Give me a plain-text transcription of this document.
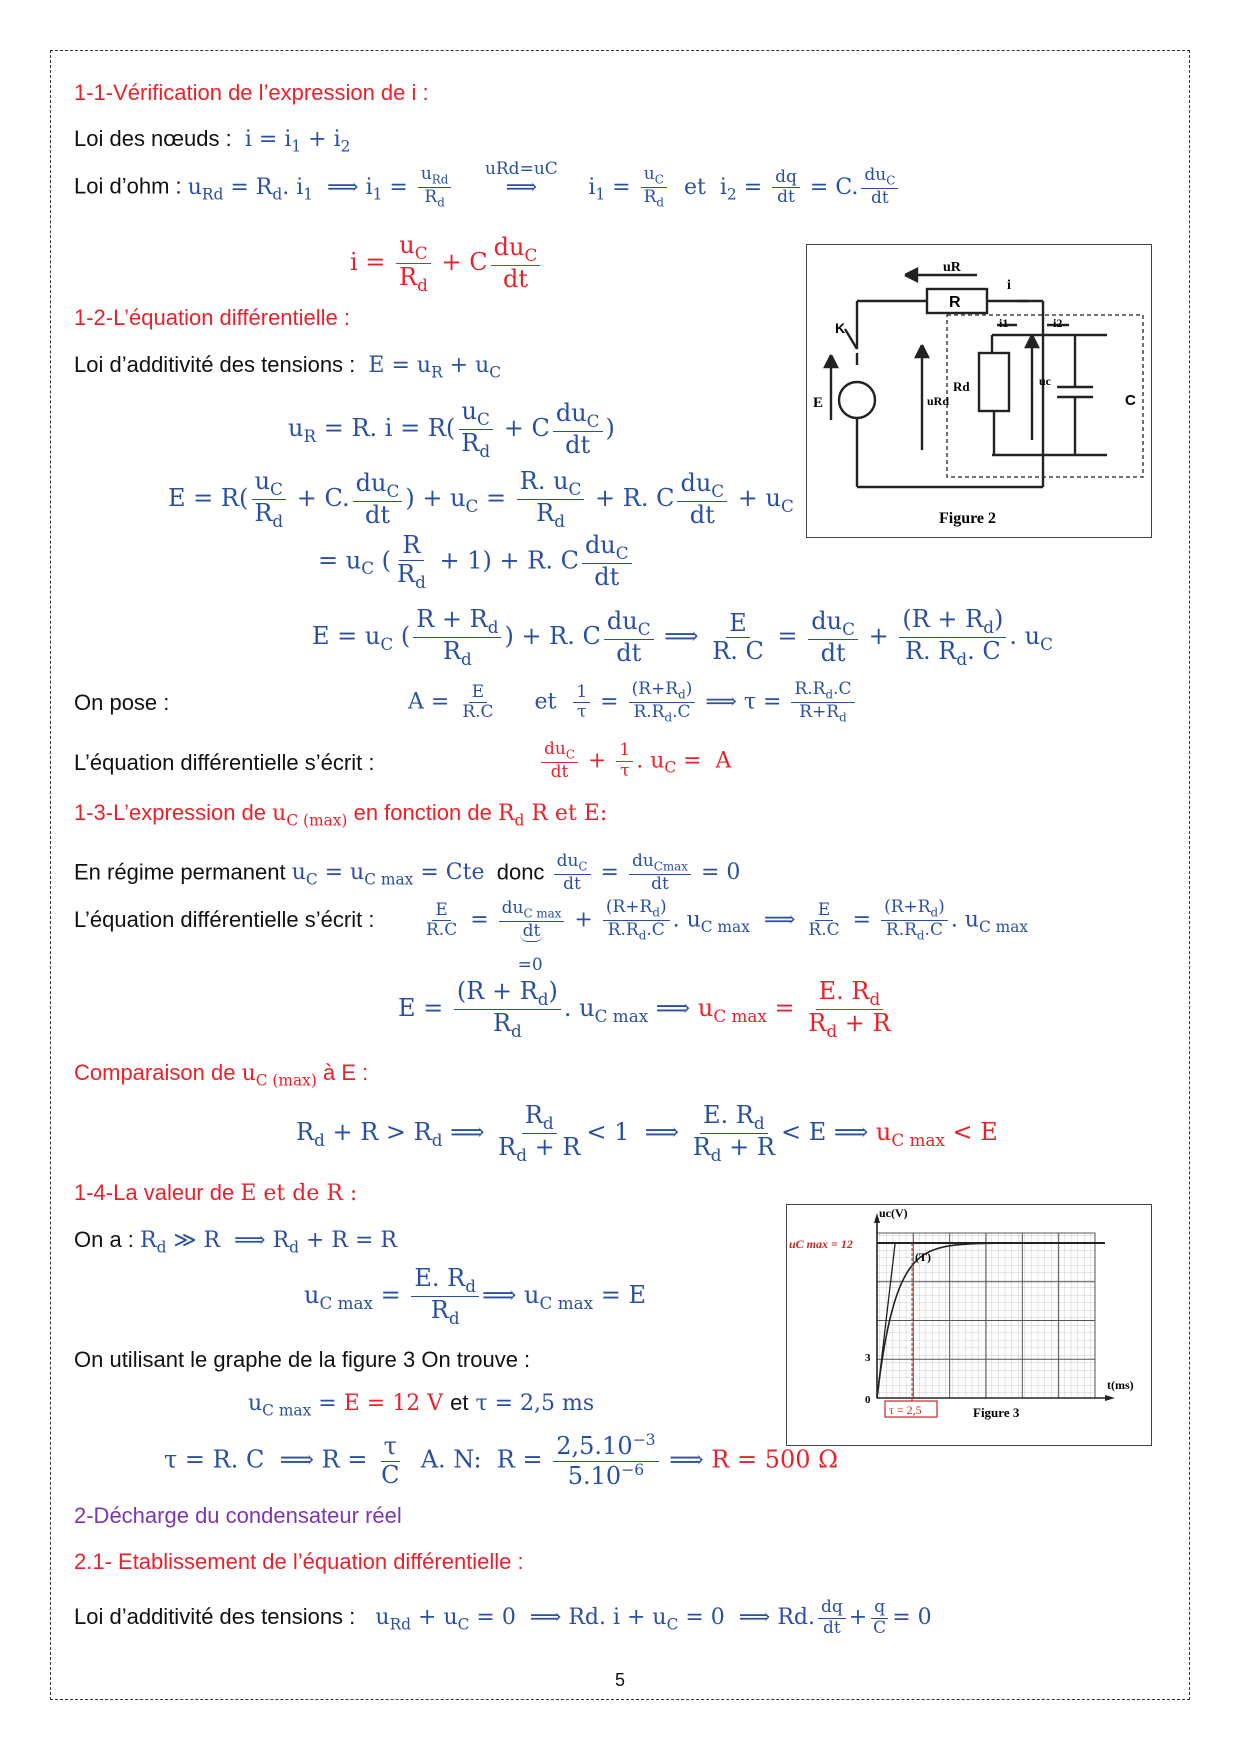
1-1-Vérification de l’expression de i :
Loi des nœuds :  $i = i_1 + i_2$
Loi d’ohm : $u_{Rd} = R_d$. $i_1$  ⟹ $i_1 = \frac{u_{Rd}}{R_d}$
	uRd=uC
⟹ $i_1 = \frac{u_C}{R_d}$ et  $i_2 = \frac{dq}{dt} = C$. $\frac{du_C}{dt}$
$i = \frac{u_C}{R_d} + C \frac{du_C}{dt}$
1-2-L’équation différentielle :
Loi d’additivité des tensions :  $E = u_R + u_C$
$u_R = R$. $i = R( \frac{u_C}{R_d} + C \frac{du_C}{dt}$ )
$E = R( \frac{u_C}{R_d} + C$. $\frac{du_C}{dt}$ ) + $u_C = \frac{R. u_C}{R_d} + R$. C $\frac{du_C}{dt} + u_C$
= $u_C$ ( $\frac{R}{R_d} + 1) + R$. C $\frac{du_C}{dt}$
$E = u_C$ ( $\frac{R + R_d}{R_d}$ ) + R. C $\frac{du_C}{dt}$ ⟹ $\frac{E}{R. C} = \frac{du_C}{dt} + \frac{(R + R_d)}{R. R_d. C}$ . $u_C$
On pose :	$A = \frac{E}{R.C}$ et $\frac{1}{\tau} = \frac{(R+R_d)}{R.R_d.C}$ ⟹ $\tau = \frac{R.R_d.C}{R+R_d}$
L’équation différentielle s’écrit :	$\frac{du_C}{dt} + \frac{1}{\tau}$ . $u_C = A$
1-3-L’expression de $u_{C (max)}$ en fonction de $R_d$ R et E:
En régime permanent $u_C = u_{C max}$ = Cte donc $\frac{du_C}{dt} = \frac{du_{Cmax}}{dt} = 0$
L’équation différentielle s’écrit :	$\frac{E}{R.C} = \frac{du_{C max}}{dt}$
=0
+ $\frac{(R+R_d)}{R.R_d.C}$ . $u_{C max}$  ⟹ $\frac{E}{R.C} = \frac{(R+R_d)}{R.R_d.C}$ . $u_{C max}$
$E = \frac{(R + R_d)}{R_d}$ . $u_{C max}$ ⟹ $u_{C max} = \frac{E. R_d}{R_d + R}$
Comparaison de $u_{C (max)}$ à E :
$R_d + R > R_d$ ⟹ $\frac{R_d}{R_d + R} < 1$  ⟹ $\frac{E. R_d}{R_d + R} < E$ ⟹ $u_{C max} < E$
1-4-La valeur de E et de R :
On a : $R_d$ ≫ R  ⟹ $R_d + R = R$
$u_{C max} = \frac{E. R_d}{R_d}$ ⟹ $u_{C max} = E$
On utilisant le graphe de la figure 3 On trouve :
$u_{C max} = E = 12$ V et τ = 2,5 ms
τ = R. C  ⟹ $R = \frac{\tau}{C} A$. N:  $R = \frac{2,5.10^{-3}}{5.10^{-6}}$ ⟹ R = 500 Ω
2-Décharge du condensateur réel
2.1- Etablissement de l’équation différentielle :
Loi d’additivité des tensions :   $u_{Rd} + u_C = 0$  ⟹ Rd. $i + u_C = 0$  ⟹ Rd. $\frac{dq}{dt} + \frac{q}{C} = 0$
5
uR
R
i
K	i1	i2
E	uRd
Rd	uc
C
Figure 2
uc(V)
t(ms)
uC max = 12
(T)
3
0
τ = 2,5	Figure 3
